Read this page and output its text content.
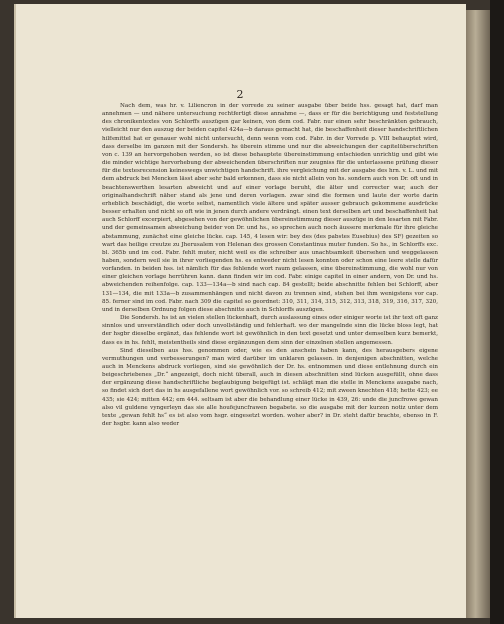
2

Nach dem, was hr. v. Liliencron in der vorrede zu seiner ausgabe über beide hss. gesagt hat, darf man annehmen — und nähere untersuchung rechtfertigt diese annahme —, dass er für die berichtigung und feststellung des chronikentextes von Schlorffs auszügen gar keinen, von dem cod. Fabr. nur einen sehr beschränkten gebrauch, vielleicht nur den auszug der beiden capitel 424a—b daraus gemacht hat, die beschaffenheit dieser handschriftlichen hilfsmittel hat er genauer wohl nicht untersucht, denn wenn vom cod. Fabr. in der Vorrede p. VIII behauptet wird, dass derselbe im ganzen mit der Sondersh. hs überein stimme und nur die abweichungen der capitelüberschriften von c. 139 an hervorgehoben werden, so ist diese behauptete übereinstimmung entschieden unrichtig und gibt wie die minder wichtige hervorhebung der abweichenden überschriften nur zeugniss für die unterlassene prüfung dieser für die textesrecension keineswegs unwichtigen handschrift. ihre vergleichung mit der ausgabe des hrn. v. L. und mit dem abdruck bei Mencken lässt aber sehr bald erkennen, dass sie nicht allein von hs. sondern auch von Dr. oft und in beachtenswerthen lesarten abweicht und auf einer vorlage beruht, die älter und correcter war, auch der originalhandschrift näher stand als jene und deren vorlagen. zwar sind die formen und laute der worte darin erheblich beschädigt, die worte selbst, namentlich viele ältere und später ausser gebrauch gekommene ausdrücke besser erhalten und nicht so oft wie in jenen durch andere verdrängt. einen text derselben art und beschaffenheit hat auch Schlorff excerpiert, abgesehen von der gewöhnlichen übereinstimmung dieser auszüge in den lesarten mit Fabr. und der gemeinsamen abweichung beider von Dr. und hs., so sprechen auch noch äussere merkmale für ihre gleiche abstammung, zunächst eine gleiche lücke. cap. 145, 4 lesen wir: bey des (des pabstes Eusebius) des SF) gezeiten so wart das heilige creutze zu Jherusalem von Helenan des grossen Constantinus muter funden. So hs., in Schlorffs exc. bl. 365b und im cod. Fabr. fehlt muter, nicht weil es die schreiber aus unachtsamkeit übersehen und weggelassen haben, sondern weil sie in ihrer vorliegenden hs. es entweder nicht lesen konnten oder schon eine leere stelle dafür vorfanden. in beiden hss. ist nämlich für das fehlende wort raum gelassen, eine übereinstimmung, die wohl nur von einer gleichen vorlage herrühren kann. dann finden wir im cod. Fabr. einige capitel in einer andern, von Dr. und hs. abweichenden reihenfolge. cap. 133—134a—b sind nach cap. 84 gestellt; beide abschnitte fehlen bei Schlorff, aber 131—134, die mit 133a—b zusammenhängen und nicht davon zu trennen sind, stehen bei ihm wenigstens vor cap. 85. ferner sind im cod. Fabr. nach 309 die capitel so geordnet: 310, 311, 314, 315, 312, 313, 318, 319, 316, 317, 320, und in derselben Ordnung folgen diese abschnitte auch in Schlorffs auszügen.

Die Sondersh. hs ist an vielen stellen lückenhaft, durch auslassung eines oder einiger worte ist ihr text oft ganz sinnlos und unverständlich oder doch unvollständig und fehlerhaft. wo der mangelnde sinn die lücke bloss legt, hat der hsgbr dieselbe ergänzt, das fehlende wort ist gewöhnlich in den text gesetzt und unter demselben kurz bemerkt, dass es in hs. fehlt, meistentheils sind diese ergänzungen dem sinn der einzelnen stellen angemessen.

Sind dieselben aus hss. genommen oder, wie es den anschein haben kann, des herausgebers eigene vermuthungen und verbesserungen? man wird darüber im unklaren gelassen. in denjenigen abschnitten, welche auch in Menckens abdruck vorliegen, sind sie gewöhnlich der Dr. hs. entnommen und diese entlehnung durch ein beigeschriebenes „Dr.“ angezeigt, doch nicht überall, auch in diesen abschnitten sind lücken ausgefüllt, ohne dass der ergänzung diese handschriftliche beglaubigung beigefügt ist. schlägt man die stelle in Menckens ausgabe nach, so findet sich dort das in hs ausgefallene wort gewöhnlich vor. so schreib 412; mit zween knechten 418; hette 423; ee 435; sie 424; mitten 442; em 444. seltsam ist aber die behandlung einer lücke in 439, 26: unde die juncfrowe gewan also vil guldene vyngerleyn das sie alle houfejuncfrawen begabete. so die ausgabe mit der kurzen notiz unter dem texte „gewan fehlt hs“ es ist also vom hsgr. eingesetzt worden. woher aber? in Dr. steht dafür brachte, ebenso in F. der hsgbr. kann also weder
